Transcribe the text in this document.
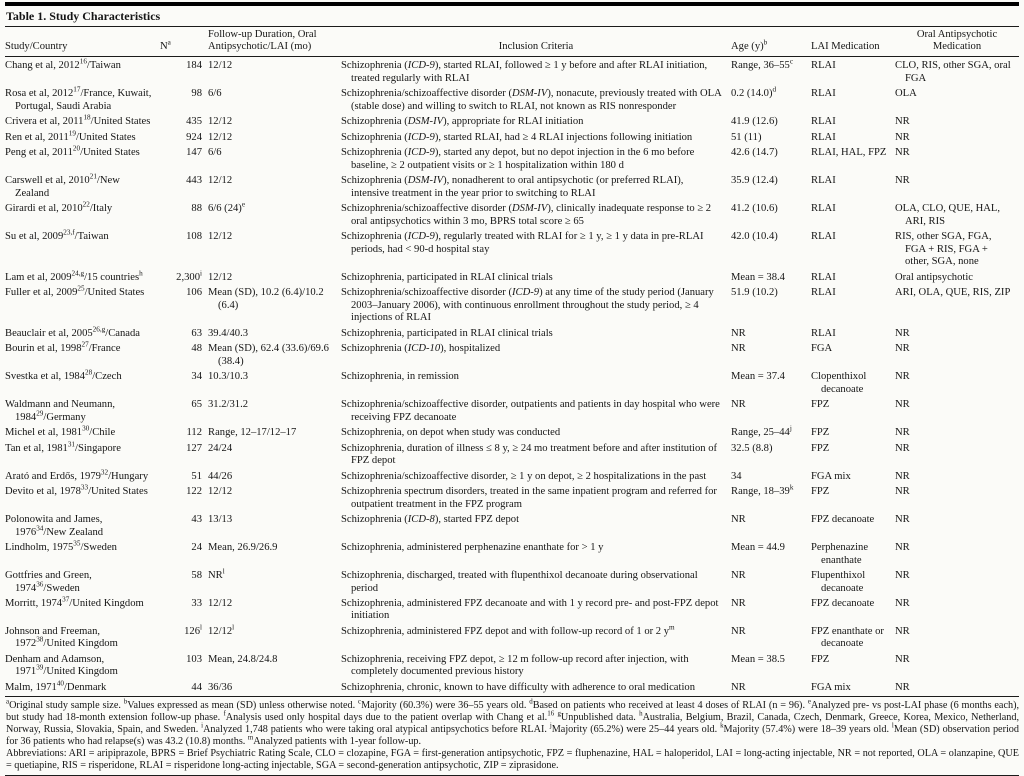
Table 1. Study Characteristics
Study/Country	$N^a$	Follow-up Duration, Oral Antipsychotic/LAI (mo)	Inclusion Criteria	Age $(y)^b$	LAI Medication	Oral Antipsychotic Medication
Chang et al, 2012$^{16}$/Taiwan	184	12/12	Schizophrenia (ICD-9), started RLAI, followed ≥ 1 y before and after RLAI initiation, treated regularly with RLAI	Range, 36–55$^c$	RLAI	CLO, RIS, other SGA, oral FGA
Rosa et al, 2012$^{17}$/France, Kuwait, Portugal, Saudi Arabia	98	6/6	Schizophrenia/schizoaffective disorder (DSM-IV), nonacute, previously treated with OLA (stable dose) and willing to switch to RLAI, not known as RIS nonresponder	0.2 $(14.0)^d$	RLAI	OLA
Crivera et al, 2011$^{18}$/United States	435	12/12	Schizophrenia (DSM-IV), appropriate for RLAI initiation	41.9 (12.6)	RLAI	NR
Ren et al, 2011$^{19}$/United States	924	12/12	Schizophrenia (ICD-9), started RLAI, had ≥ 4 RLAI injections following initiation	51 (11)	RLAI	NR
Peng et al, 2011$^{20}$/United States	147	6/6	Schizophrenia (ICD-9), started any depot, but no depot injection in the 6 mo before baseline, ≥ 2 outpatient visits or ≥ 1 hospitalization within 180 d	42.6 (14.7)	RLAI, HAL, FPZ	NR
Carswell et al, 2010$^{21}$/New Zealand	443	12/12	Schizophrenia (DSM-IV), nonadherent to oral antipsychotic (or preferred RLAI), intensive treatment in the year prior to switching to RLAI	35.9 (12.4)	RLAI	NR
Girardi et al, 2010$^{22}$/Italy	88	6/6 $(24)^e$	Schizophrenia/schizoaffective disorder (DSM-IV), clinically inadequate response to ≥ 2 oral antipsychotics within 3 mo, BPRS total score ≥ 65	41.2 (10.6)	RLAI	OLA, CLO, QUE, HAL, ARI, RIS
Su et al, 2009$^{23,f}$/Taiwan	108	12/12	Schizophrenia (ICD-9), regularly treated with RLAI for ≥ 1 y, ≥ 1 y data in pre-RLAI periods, had < 90-d hospital stay	42.0 (10.4)	RLAI	RIS, other SGA, FGA, FGA + RIS, FGA + other, SGA, none
Lam et al, 2009$^{24,g}$/15 countries$^h$	2,300$^i$	12/12	Schizophrenia, participated in RLAI clinical trials	Mean = 38.4	RLAI	Oral antipsychotic
Fuller et al, 2009$^{25}$/United States	106	Mean (SD), 10.2 (6.4)/10.2 (6.4)	Schizophrenia/schizoaffective disorder (ICD-9) at any time of the study period (January 2003–January 2006), with continuous enrollment throughout the study period, ≥ 4 injections of RLAI	51.9 (10.2)	RLAI	ARI, OLA, QUE, RIS, ZIP
Beauclair et al, 2005$^{26,g}$/Canada	63	39.4/40.3	Schizophrenia, participated in RLAI clinical trials	NR	RLAI	NR
Bourin et al, 1998$^{27}$/France	48	Mean (SD), 62.4 (33.6)/69.6 (38.4)	Schizophrenia (ICD-10), hospitalized	NR	FGA	NR
Svestka et al, 1984$^{28}$/Czech	34	10.3/10.3	Schizophrenia, in remission	Mean = 37.4	Clopenthixol decanoate	NR
Waldmann and Neumann, 1984$^{29}$/Germany	65	31.2/31.2	Schizophrenia/schizoaffective disorder, outpatients and patients in day hospital who were receiving FPZ decanoate	NR	FPZ	NR
Michel et al, 1981$^{30}$/Chile	112	Range, 12–17/12–17	Schizophrenia, on depot when study was conducted	Range, 25–44$^j$	FPZ	NR
Tan et al, 1981$^{31}$/Singapore	127	24/24	Schizophrenia, duration of illness ≤ 8 y, ≥ 24 mo treatment before and after institution of FPZ depot	32.5 (8.8)	FPZ	NR
Arató and Erdős, 1979$^{32}$/Hungary	51	44/26	Schizophrenia/schizoaffective disorder, ≥ 1 y on depot, ≥ 2 hospitalizations in the past	34	FGA mix	NR
Devito et al, 1978$^{33}$/United States	122	12/12	Schizophrenia spectrum disorders, treated in the same inpatient program and referred for outpatient treatment in the FPZ program	Range, 18–39$^k$	FPZ	NR
Polonowita and James, 1976$^{34}$/New Zealand	43	13/13	Schizophrenia (ICD-8), started FPZ depot	NR	FPZ decanoate	NR
Lindholm, 1975$^{35}$/Sweden	24	Mean, 26.9/26.9	Schizophrenia, administered perphenazine enanthate for > 1 y	Mean = 44.9	Perphenazine enanthate	NR
Gottfries and Green, 1974$^{36}$/Sweden	58	$NR^l$	Schizophrenia, discharged, treated with flupenthixol decanoate during observational period	NR	Flupenthixol decanoate	NR
Morritt, 1974$^{37}$/United Kingdom	33	12/12	Schizophrenia, administered FPZ decanoate and with 1 y record pre- and post-FPZ depot initiation	NR	FPZ decanoate	NR
Johnson and Freeman, 1972$^{38}$/United Kingdom	126$^l$	12/12$^l$	Schizophrenia, administered FPZ depot and with follow-up record of 1 or 2 $y^m$	NR	FPZ enanthate or decanoate	NR
Denham and Adamson, 1971$^{39}$/United Kingdom	103	Mean, 24.8/24.8	Schizophrenia, receiving FPZ depot, ≥ 12 m follow-up record after injection, with completely documented previous history	Mean = 38.5	FPZ	NR
Malm, 1971$^{40}$/Denmark	44	36/36	Schizophrenia, chronic, known to have difficulty with adherence to oral medication	NR	FGA mix	NR
$^a$Original study sample size. $^b$Values expressed as mean (SD) unless otherwise noted. $^c$Majority (60.3%) were 36–55 years old. $^d$Based on patients who received at least 4 doses of RLAI (n = 96). $^e$Analyzed pre- vs post-LAI phase (6 months each), but study had 18-month extension follow-up phase. $^f$Analysis used only hospital days due to the patient overlap with Chang et al.$^{16}$ $^g$Unpublished data. $^h$Australia, Belgium, Brazil, Canada, Czech, Denmark, Greece, Korea, Mexico, Netherland, Norway, Russia, Slovakia, Spain, and Sweden. $^i$Analyzed 1,748 patients who were taking oral atypical antipsychotics before RLAI. $^j$Majority (65.2%) were 25–44 years old. $^k$Majority (57.4%) were 18–39 years old. $^l$Mean (SD) observation period for 36 patients who had relapse(s) was 43.2 (10.8) months. $^m$Analyzed patients with 1-year follow-up.
Abbreviations: ARI = aripiprazole, BPRS = Brief Psychiatric Rating Scale, CLO = clozapine, FGA = first-generation antipsychotic, FPZ = fluphenazine, HAL = haloperidol, LAI = long-acting injectable, NR = not reported, OLA = olanzapine, QUE = quetiapine, RIS = risperidone, RLAI = risperidone long-acting injectable, SGA = second-generation antipsychotic, ZIP = ziprasidone.
